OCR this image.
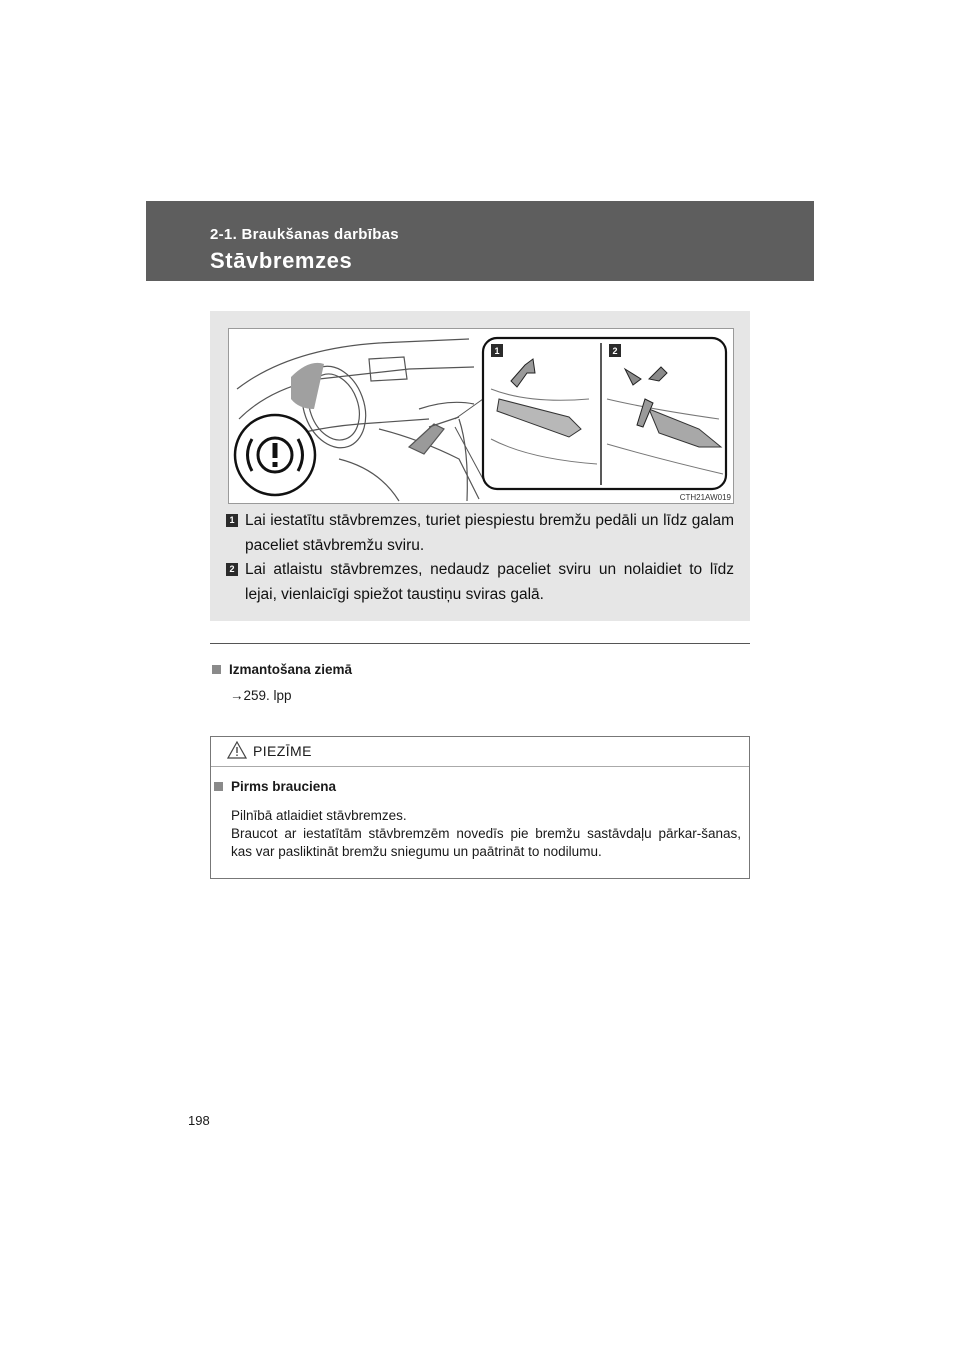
2-1. Braukšanas darbības
Stāvbremzes
1	2
CTH21AW019
1 Lai iestatītu stāvbremzes, turiet piespiestu bremžu pedāli un līdz galam paceliet stāvbremžu sviru.
2 Lai atlaistu stāvbremzes, nedaudz paceliet sviru un nolaidiet to līdz lejai, vienlaicīgi spiežot taustiņu sviras galā.
Izmantošana ziemā
→259. lpp
PIEZĪME
Pirms brauciena

Pilnībā atlaidiet stāvbremzes.

Braucot ar iestatītām stāvbremzēm novedīs pie bremžu sastāvdaļu pārkar-šanas, kas var pasliktināt bremžu sniegumu un paātrināt to nodilumu.

198
